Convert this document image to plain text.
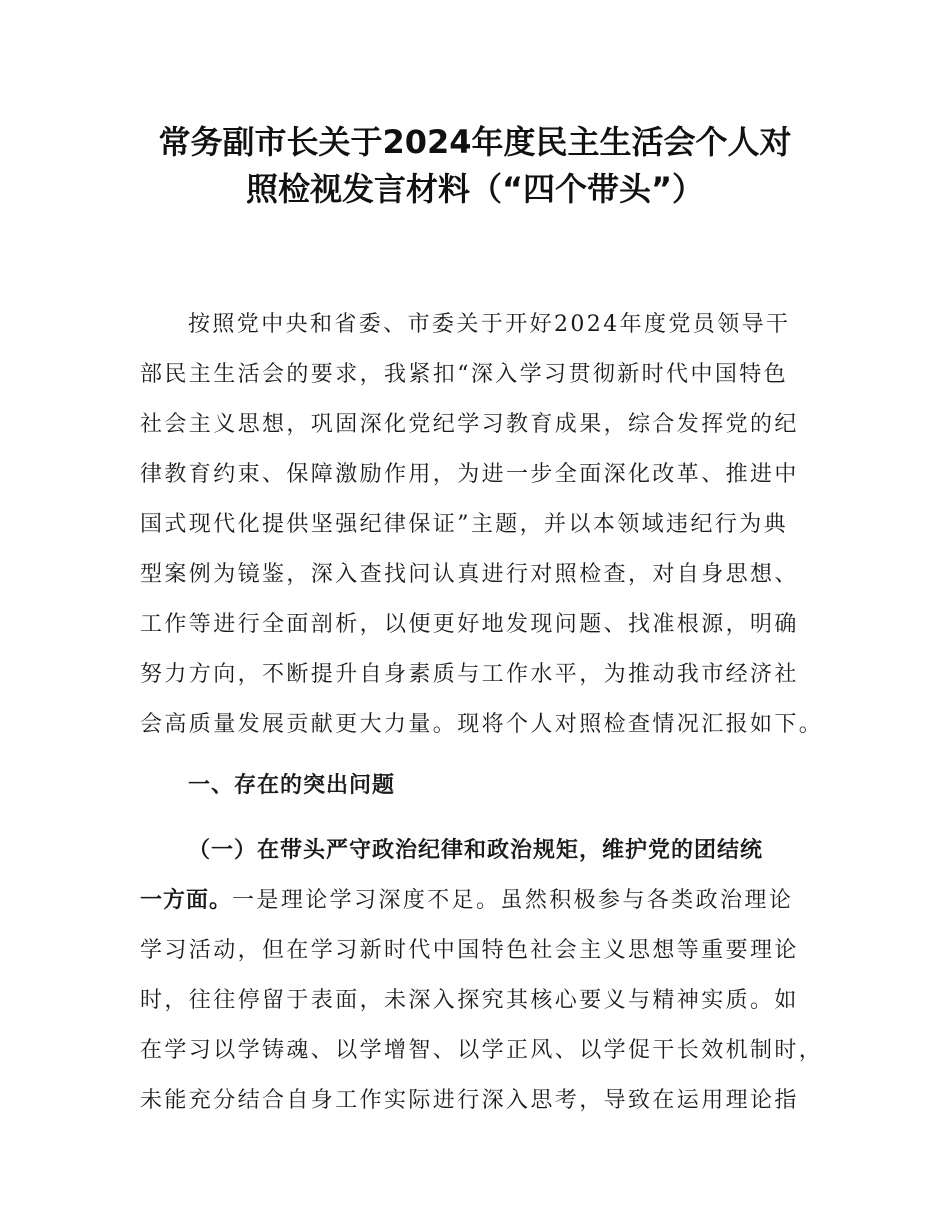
常务副市长关于2024年度民主生活会个人对
照检视发言材料（“四个带头”）
按照党中央和省委、市委关于开好2024年度党员领导干
部民主生活会的要求，我紧扣“深入学习贯彻新时代中国特色
社会主义思想，巩固深化党纪学习教育成果，综合发挥党的纪
律教育约束、保障激励作用，为进一步全面深化改革、推进中
国式现代化提供坚强纪律保证”主题，并以本领域违纪行为典
型案例为镜鉴，深入查找问认真进行对照检查，对自身思想、
工作等进行全面剖析，以便更好地发现问题、找准根源，明确
努力方向，不断提升自身素质与工作水平，为推动我市经济社
会高质量发展贡献更大力量。现将个人对照检查情况汇报如下。
一、存在的突出问题
（一）在带头严守政治纪律和政治规矩，维护党的团结统
一方面。一是理论学习深度不足。虽然积极参与各类政治理论
学习活动，但在学习新时代中国特色社会主义思想等重要理论
时，往往停留于表面，未深入探究其核心要义与精神实质。如
在学习以学铸魂、以学增智、以学正风、以学促干长效机制时，
未能充分结合自身工作实际进行深入思考，导致在运用理论指
